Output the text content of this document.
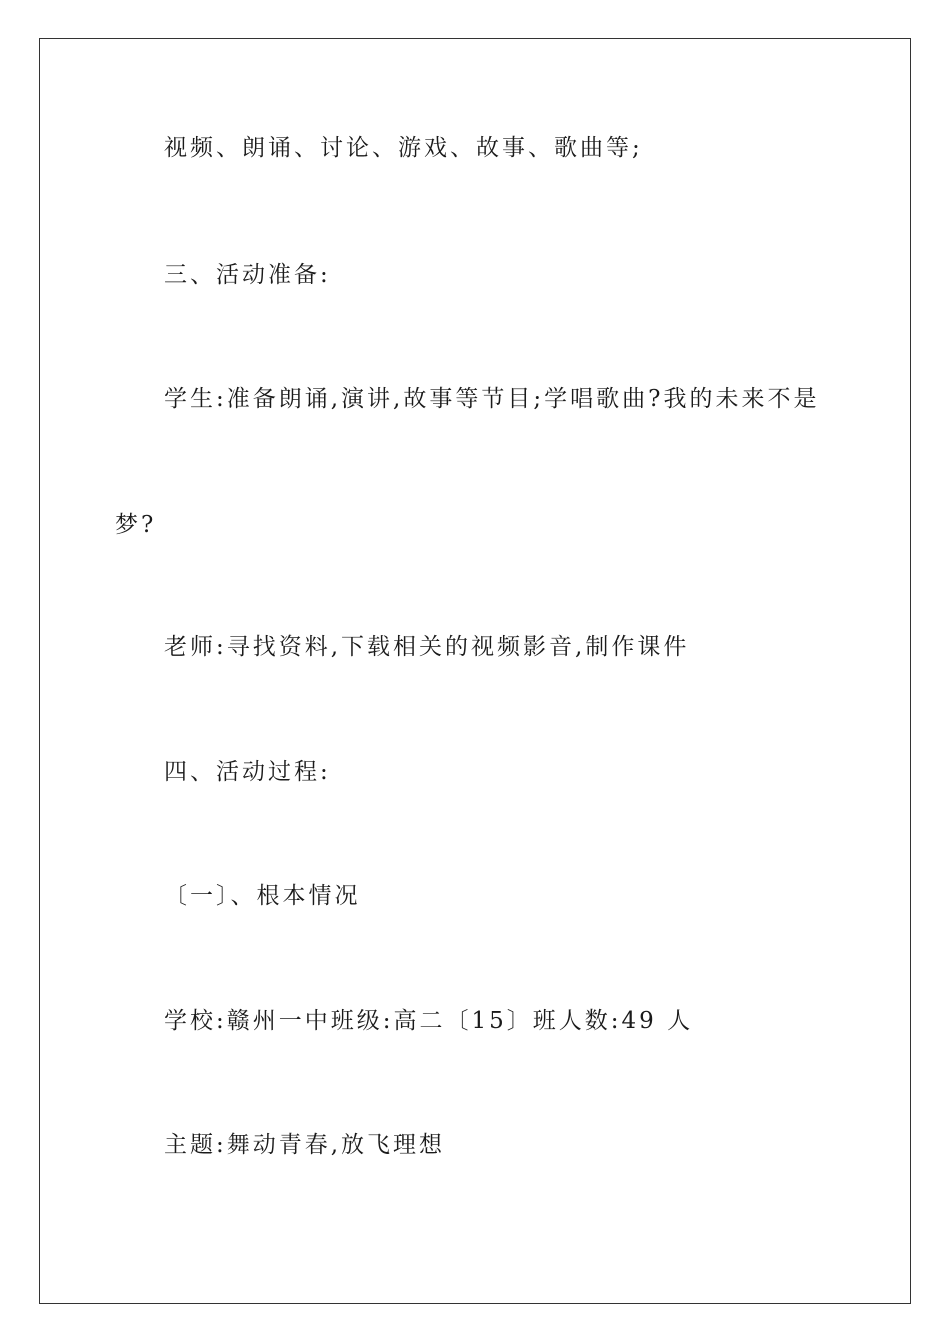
视频、朗诵、讨论、游戏、故事、歌曲等;
三、活动准备:
学生:准备朗诵,演讲,故事等节目;学唱歌曲?我的未来不是
梦?
老师:寻找资料,下载相关的视频影音,制作课件
四、活动过程:
〔一〕、根本情况
学校:赣州一中班级:高二〔15〕班人数:49 人
主题:舞动青春,放飞理想
